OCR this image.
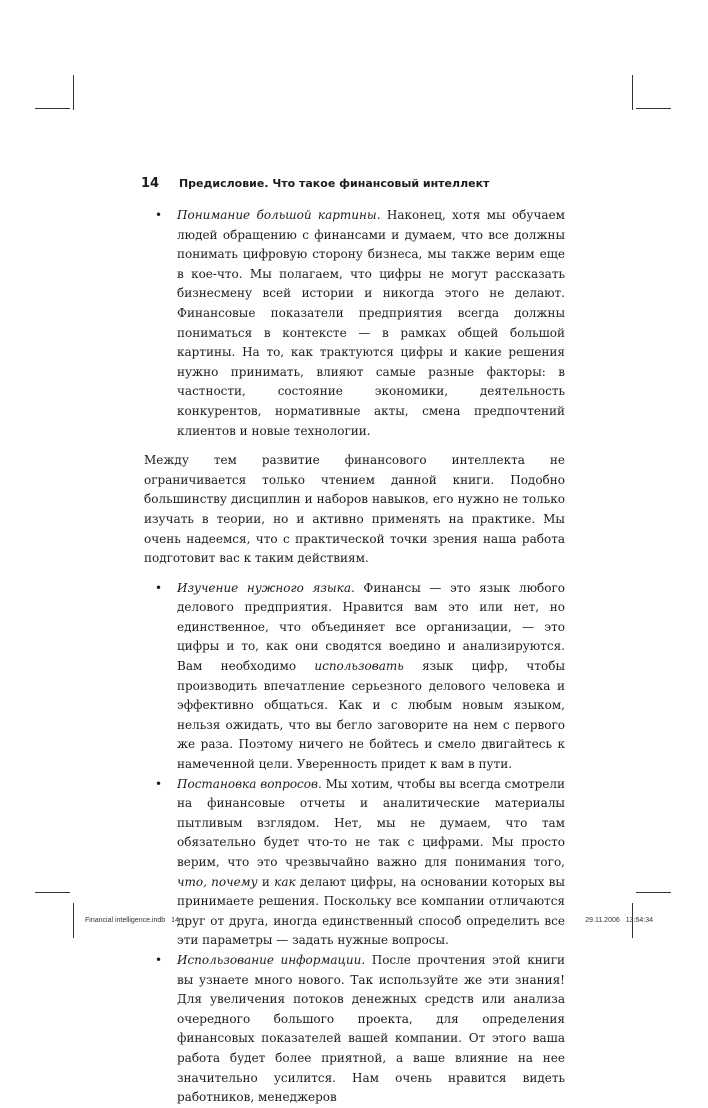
14 Предисловие. Что такое финансовый интеллект
• Понимание большой картины. Наконец, хотя мы обучаем людей обращению с финансами и думаем, что все должны понимать цифровую сторону бизнеса, мы также верим еще в кое-что. Мы полагаем, что цифры не могут рассказать бизнесмену всей истории и никогда этого не делают. Финансовые показатели предприятия всегда должны пониматься в контексте — в рамках общей большой картины. На то, как трактуются цифры и какие решения нужно принимать, влияют самые разные факторы: в частности, состояние экономики, деятельность конкурентов, нормативные акты, смена предпочтений клиентов и новые технологии.

Между тем развитие финансового интеллекта не ограничивается только чтением данной книги. Подобно большинству дисциплин и наборов навыков, его нужно не только изучать в теории, но и активно применять на практике. Мы очень надеемся, что с практической точки зрения наша работа подготовит вас к таким действиям.

• Изучение нужного языка. Финансы — это язык любого делового предприятия. Нравится вам это или нет, но единственное, что объединяет все организации, — это цифры и то, как они сводятся воедино и анализируются. Вам необходимо использовать язык цифр, чтобы производить впечатление серьезного делового человека и эффективно общаться. Как и с любым новым языком, нельзя ожидать, что вы бегло заговорите на нем с первого же раза. Поэтому ничего не бойтесь и смело двигайтесь к намеченной цели. Уверенность придет к вам в пути.
• Постановка вопросов. Мы хотим, чтобы вы всегда смотрели на финансовые отчеты и аналитические материалы пытливым взглядом. Нет, мы не думаем, что там обязательно будет что-то не так с цифрами. Мы просто верим, что это чрезвычайно важно для понимания того, что, почему и как делают цифры, на основании которых вы принимаете решения. Поскольку все компании отличаются друг от друга, иногда единственный способ определить все эти параметры — задать нужные вопросы.
• Использование информации. После прочтения этой книги вы узнаете много нового. Так используйте же эти знания! Для увеличения потоков денежных средств или анализа очередного большого проекта, для определения финансовых показателей вашей компании. От этого ваша работа будет более приятной, а ваше влияние на нее значительно усилится. Нам очень нравится видеть работников, менеджеров
Financial intelligence.indb 14	29.11.2006 13:54:34
